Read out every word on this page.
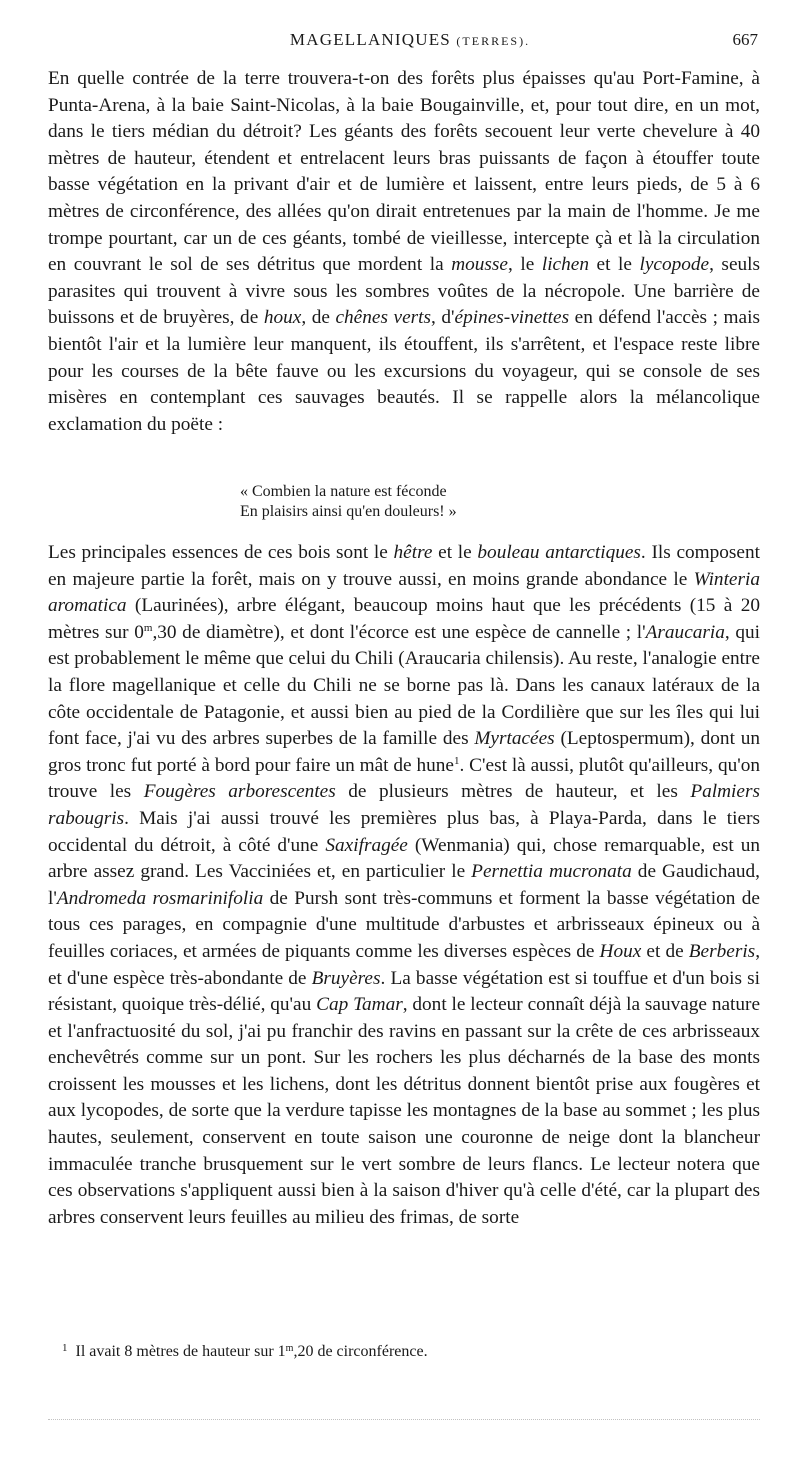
MAGELLANIQUES (TERRES).	667

En quelle contrée de la terre trouvera-t-on des forêts plus épaisses qu'au Port-Famine, à Punta-Arena, à la baie Saint-Nicolas, à la baie Bougainville, et, pour tout dire, en un mot, dans le tiers médian du détroit? Les géants des forêts secouent leur verte chevelure à 40 mètres de hauteur, étendent et entrelacent leurs bras puissants de façon à étouffer toute basse végétation en la privant d'air et de lumière et laissent, entre leurs pieds, de 5 à 6 mètres de circonférence, des allées qu'on dirait entretenues par la main de l'homme. Je me trompe pourtant, car un de ces géants, tombé de vieillesse, intercepte çà et là la circulation en couvrant le sol de ses détritus que mordent la mousse, le lichen et le lycopode, seuls parasites qui trouvent à vivre sous les sombres voûtes de la nécropole. Une barrière de buissons et de bruyères, de houx, de chênes verts, d'épines-vinettes en défend l'accès ; mais bientôt l'air et la lumière leur manquent, ils étouffent, ils s'arrêtent, et l'espace reste libre pour les courses de la bête fauve ou les excursions du voyageur, qui se console de ses misères en contemplant ces sauvages beautés. Il se rappelle alors la mélancolique exclamation du poëte :

« Combien la nature est féconde
En plaisirs ainsi qu'en douleurs! »

Les principales essences de ces bois sont le hêtre et le bouleau antarctiques. Ils composent en majeure partie la forêt, mais on y trouve aussi, en moins grande abondance le Winteria aromatica (Laurinées), arbre élégant, beaucoup moins haut que les précédents (15 à 20 mètres sur 0$^m$,30 de diamètre), et dont l'écorce est une espèce de cannelle ; l'Araucaria, qui est probablement le même que celui du Chili (Araucaria chilensis). Au reste, l'analogie entre la flore magellanique et celle du Chili ne se borne pas là. Dans les canaux latéraux de la côte occidentale de Patagonie, et aussi bien au pied de la Cordilière que sur les îles qui lui font face, j'ai vu des arbres superbes de la famille des Myrtacées (Leptospermum), dont un gros tronc fut porté à bord pour faire un mât de hune$^1$. C'est là aussi, plutôt qu'ailleurs, qu'on trouve les Fougères arborescentes de plusieurs mètres de hauteur, et les Palmiers rabougris. Mais j'ai aussi trouvé les premières plus bas, à Playa-Parda, dans le tiers occidental du détroit, à côté d'une Saxifragée (Wenmania) qui, chose remarquable, est un arbre assez grand. Les Vacciniées et, en particulier le Pernettia mucronata de Gaudichaud, l'Andromeda rosmarinifolia de Pursh sont très-communs et forment la basse végétation de tous ces parages, en compagnie d'une multitude d'arbustes et arbrisseaux épineux ou à feuilles coriaces, et armées de piquants comme les diverses espèces de Houx et de Berberis, et d'une espèce très-abondante de Bruyères. La basse végétation est si touffue et d'un bois si résistant, quoique très-délié, qu'au Cap Tamar, dont le lecteur connaît déjà la sauvage nature et l'anfractuosité du sol, j'ai pu franchir des ravins en passant sur la crête de ces arbrisseaux enchevêtrés comme sur un pont. Sur les rochers les plus décharnés de la base des monts croissent les mousses et les lichens, dont les détritus donnent bientôt prise aux fougères et aux lycopodes, de sorte que la verdure tapisse les montagnes de la base au sommet ; les plus hautes, seulement, conservent en toute saison une couronne de neige dont la blancheur immaculée tranche brusquement sur le vert sombre de leurs flancs. Le lecteur notera que ces observations s'appliquent aussi bien à la saison d'hiver qu'à celle d'été, car la plupart des arbres conservent leurs feuilles au milieu des frimas, de sorte

$^1$ Il avait 8 mètres de hauteur sur 1$^m$,20 de circonférence.
